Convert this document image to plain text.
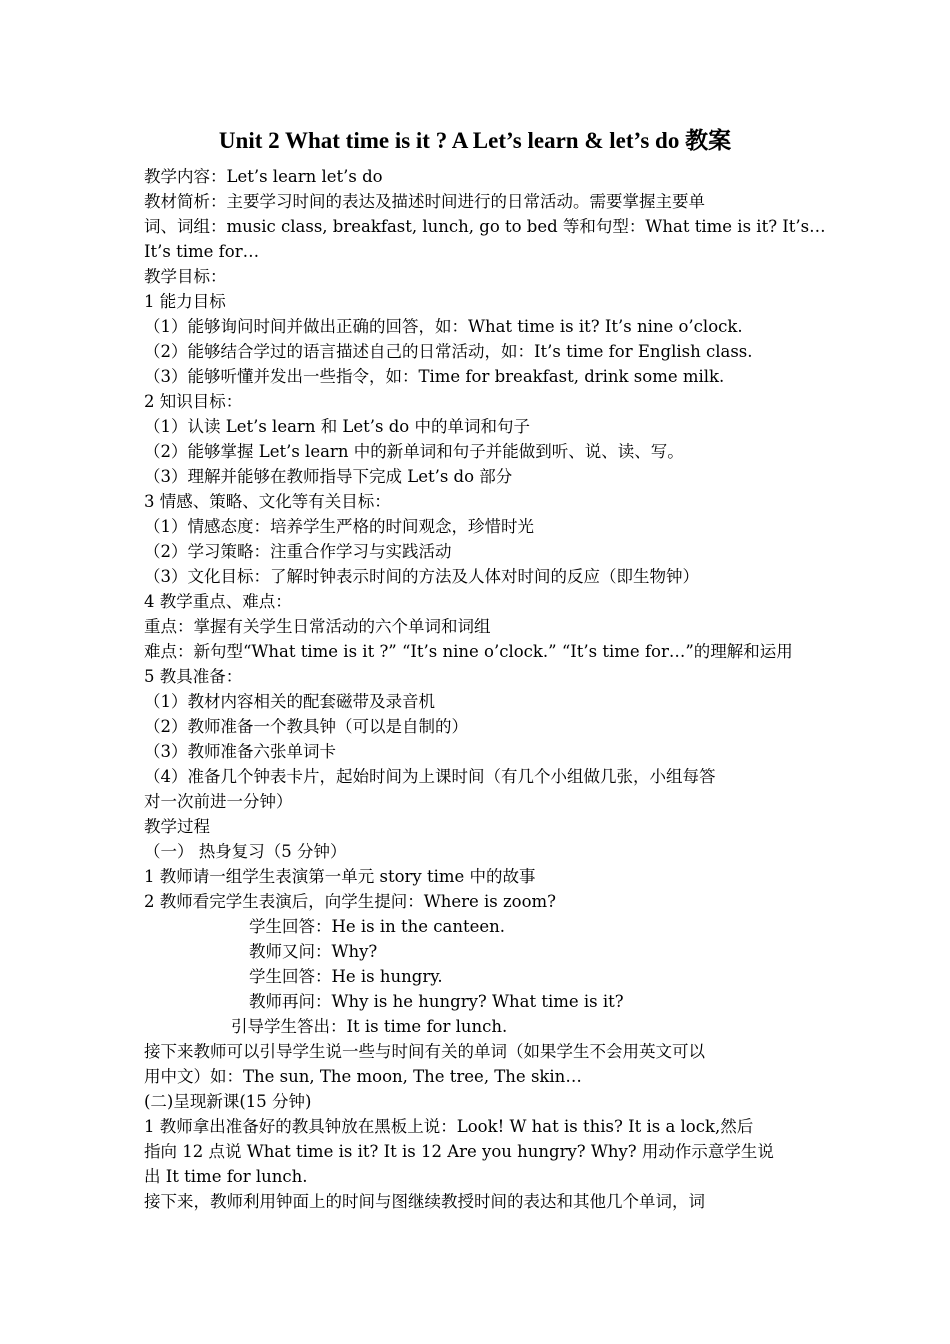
Unit 2 What time is it ? A Let’s learn & let’s do 教案
教学内容：Let’s learn let’s do
教材简析：主要学习时间的表达及描述时间进行的日常活动。需要掌握主要单
词、词组：music class, breakfast, lunch, go to bed 等和句型：What time is it? It’s…
It’s time for…
教学目标：
1 能力目标
（1）能够询问时间并做出正确的回答，如：What time is it? It’s nine o’clock.
（2）能够结合学过的语言描述自己的日常活动，如：It’s time for English class.
（3）能够听懂并发出一些指令，如：Time for breakfast, drink some milk.
2 知识目标：
（1）认读 Let’s learn 和 Let’s do 中的单词和句子
（2）能够掌握 Let’s learn 中的新单词和句子并能做到听、说、读、写。
（3）理解并能够在教师指导下完成 Let’s do 部分
3 情感、策略、文化等有关目标：
（1）情感态度：培养学生严格的时间观念，珍惜时光
（2）学习策略：注重合作学习与实践活动
（3）文化目标：了解时钟表示时间的方法及人体对时间的反应（即生物钟）
4 教学重点、难点：
重点：掌握有关学生日常活动的六个单词和词组
难点：新句型“What time is it ?” “It’s nine o’clock.” “It’s time for…”的理解和运用
5 教具准备：
（1）教材内容相关的配套磁带及录音机
（2）教师准备一个教具钟（可以是自制的）
（3）教师准备六张单词卡
（4）准备几个钟表卡片，起始时间为上课时间（有几个小组做几张，小组每答
对一次前进一分钟）
教学过程
（一） 热身复习（5 分钟）
1 教师请一组学生表演第一单元 story time 中的故事
2 教师看完学生表演后，向学生提问：Where is zoom?
学生回答：He is in the canteen.
教师又问：Why?
学生回答：He is hungry.
教师再问：Why is he hungry? What time is it?
引导学生答出：It is time for lunch.
接下来教师可以引导学生说一些与时间有关的单词（如果学生不会用英文可以
用中文）如：The sun, The moon, The tree, The skin…
(二)呈现新课(15 分钟)
1 教师拿出准备好的教具钟放在黑板上说：Look! W hat is this? It is a lock,然后
指向 12 点说 What time is it? It is 12 Are you hungry? Why? 用动作示意学生说
出 It time for lunch.
接下来，教师利用钟面上的时间与图继续教授时间的表达和其他几个单词，词
